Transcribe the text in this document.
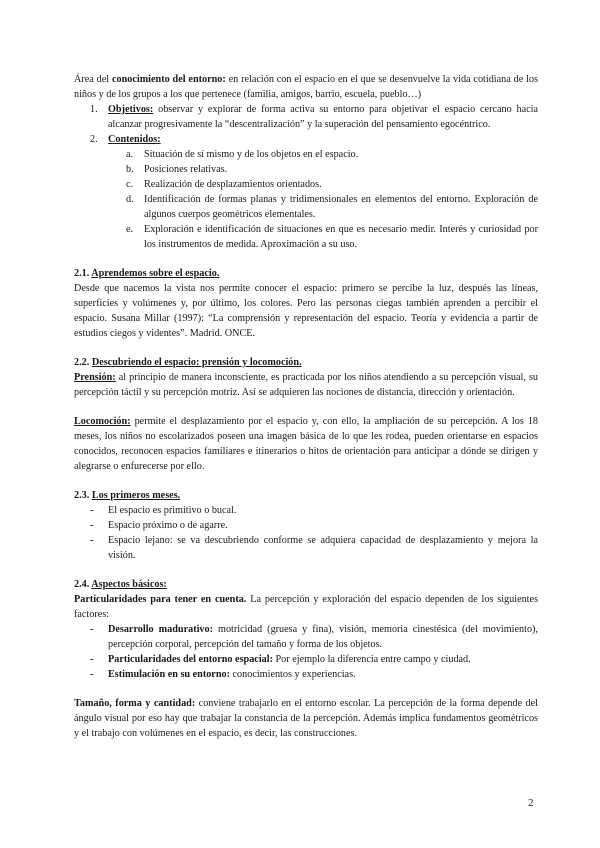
Área del conocimiento del entorno: en relación con el espacio en el que se desenvuelve la vida cotidiana de los niños y de los grupos a los que pertenece (familia, amigos, barrio, escuela, pueblo…)

1. Objetivos: observar y explorar de forma activa su entorno para objetivar el espacio cercano hacia alcanzar progresivamente la “descentralización” y la superación del pensamiento egocéntrico.
2. Contenidos:
a. Situación de sí mismo y de los objetos en el espacio.
b. Posiciones relativas.
c. Realización de desplazamientos orientados.
d. Identificación de formas planas y tridimensionales en elementos del entorno. Exploración de algunos cuerpos geométricos elementales.
e. Exploración e identificación de situaciones en que es necesario medir. Interés y curiosidad por los instrumentos de medida. Aproximación a su uso.

2.1. Aprendemos sobre el espacio.

Desde que nacemos la vista nos permite conocer el espacio: primero se percibe la luz, después las líneas, superficies y volúmenes y, por último, los colores. Pero las personas ciegas también aprenden a percibir el espacio. Susana Millar (1997): “La comprensión y representación del espacio. Teoría y evidencia a partir de estudios ciegos y videntes”. Madrid. ONCE.

2.2. Descubriendo el espacio: prensión y locomoción.

Prensión: al principio de manera inconsciente, es practicada por los niños atendiendo a su percepción visual, su percepción táctil y su percepción motriz. Así se adquieren las nociones de distancia, dirección y orientación.

Locomoción: permite el desplazamiento por el espacio y, con ello, la ampliación de su percepción. A los 18 meses, los niños no escolarizados poseen una imagen básica de lo que les rodea, pueden orientarse en espacios conocidos, reconocen espacios familiares e itinerarios o hitos de orientación para anticipar a dónde se dirigen y alegrarse o enfurecerse por ello.

2.3. Los primeros meses.

- El espacio es primitivo o bucal.
- Espacio próximo o de agarre.
- Espacio lejano: se va descubriendo conforme se adquiera capacidad de desplazamiento y mejora la visión.

2.4. Aspectos básicos:

Particularidades para tener en cuenta. La percepción y exploración del espacio dependen de los siguientes factores:

- Desarrollo madurativo: motricidad (gruesa y fina), visión, memoria cinestésica (del movimiento), percepción corporal, percepción del tamaño y forma de los objetos.
- Particularidades del entorno espacial: Por ejemplo la diferencia entre campo y ciudad.
- Estimulación en su entorno: conocimientos y experiencias.

Tamaño, forma y cantidad: conviene trabajarlo en el entorno escolar. La percepción de la forma depende del ángulo visual por eso hay que trabajar la constancia de la percepción. Además implica fundamentos geométricos y el trabajo con volúmenes en el espacio, es decir, las construcciones.

2
